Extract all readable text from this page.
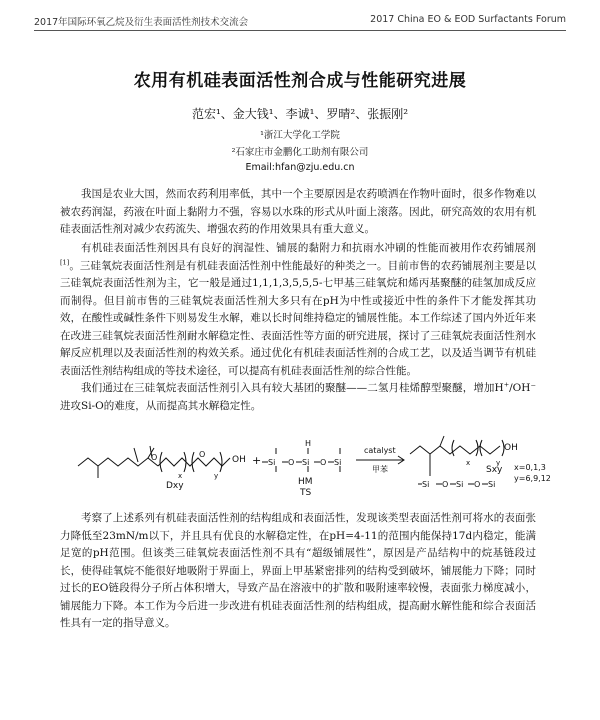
2017年国际环氧乙烷及衍生表面活性剂技术交流会	2017 China EO & EOD Surfactants Forum
农用有机硅表面活性剂合成与性能研究进展
范宏¹、金大钱¹、李诚¹、罗晴²、张振刚²
¹浙江大学化工学院
²石家庄市金鹏化工助剂有限公司
Email:hfan@zju.edu.cn

我国是农业大国，然而农药利用率低，其中一个主要原因是农药喷洒在作物叶面时，很多作物难以被农药润湿，药液在叶面上黏附力不强，容易以水珠的形式从叶面上滚落。因此，研究高效的农用有机硅表面活性剂对减少农药流失、增强农药的作用效果具有重大意义。

有机硅表面活性剂因具有良好的润湿性、铺展的黏附力和抗雨水冲刷的性能而被用作农药铺展剂[1]。三硅氧烷表面活性剂是有机硅表面活性剂中性能最好的种类之一。目前市售的农药铺展剂主要是以三硅氧烷表面活性剂为主，它一般是通过1,1,1,3,5,5,5-七甲基三硅氧烷和烯丙基聚醚的硅氢加成反应而制得。但目前市售的三硅氧烷表面活性剂大多只有在pH为中性或接近中性的条件下才能发挥其功效，在酸性或碱性条件下则易发生水解，难以长时间维持稳定的铺展性能。本工作综述了国内外近年来在改进三硅氧烷表面活性剂耐水解稳定性、表面活性等方面的研究进展，探讨了三硅氧烷表面活性剂水解反应机理以及表面活性剂的构效关系。通过优化有机硅表面活性剂的合成工艺，以及适当调节有机硅表面活性剂结构组成的等技术途径，可以提高有机硅表面活性剂的综合性能。

我们通过在三硅氧烷表面活性剂引入具有较大基团的聚醚——二氢月桂烯醇型聚醚，增加H+/OH⁻进攻Si-O的难度，从而提高其水解稳定性。

O	O
x	y
OH
Dxy
+ Si O Si O Si
H
HM
TS
catalyst
甲苯
OH
x	y
Si O Si O Si
Sxy x=0,1,3
y=6,9,12

考察了上述系列有机硅表面活性剂的结构组成和表面活性，发现该类型表面活性剂可将水的表面张力降低至23mN/m以下，并且具有优良的水解稳定性，在pH=4-11的范围内能保持17d内稳定，能满足宽的pH范围。但该类三硅氧烷表面活性剂不具有“超级铺展性”，原因是产品结构中的烷基链段过长，使得硅氧烷不能很好地吸附于界面上，界面上甲基紧密排列的结构受到破坏，铺展能力下降；同时过长的EO链段得分子所占体积增大，导致产品在溶液中的扩散和吸附速率较慢，表面张力梯度减小，铺展能力下降。本工作为今后进一步改进有机硅表面活性剂的结构组成，提高耐水解性能和综合表面活性具有一定的指导意义。
